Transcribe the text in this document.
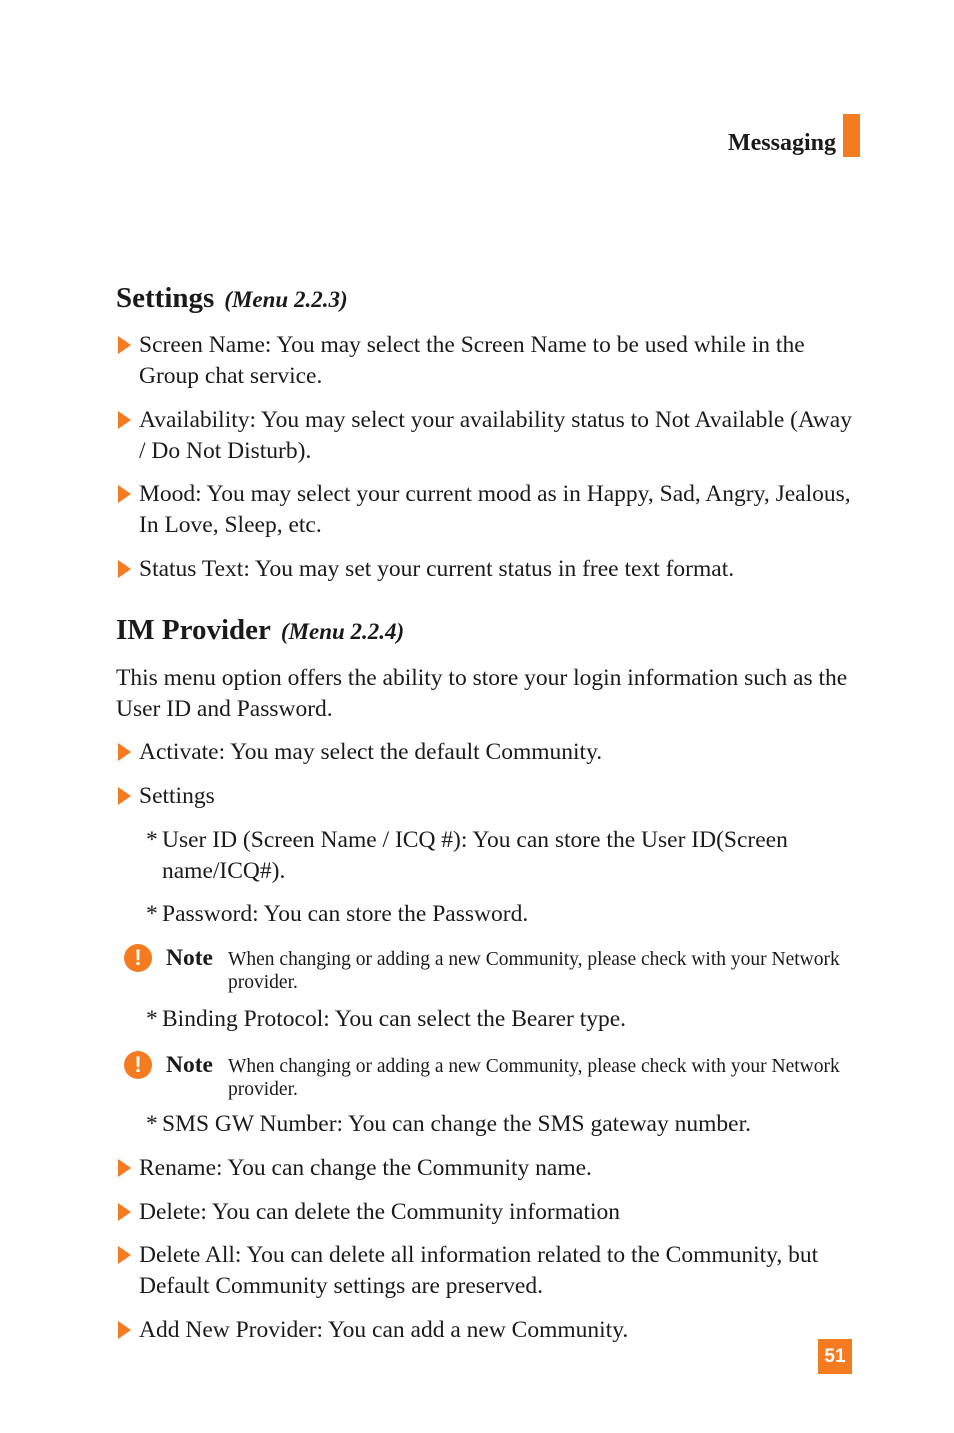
Messaging
Settings (Menu 2.2.3)
Screen Name: You may select the Screen Name to be used while in the Group chat service.
Availability: You may select your availability status to Not Available (Away / Do Not Disturb).
Mood: You may select your current mood as in Happy, Sad, Angry, Jealous, In Love, Sleep, etc.
Status Text: You may set your current status in free text format.
IM Provider (Menu 2.2.4)

This menu option offers the ability to store your login information such as the User ID and Password.

Activate: You may select the default Community.
Settings
* User ID (Screen Name / ICQ #): You can store the User ID(Screen name/ICQ#).
* Password: You can store the Password.
!	Note When changing or adding a new Community, please check with your Network provider.
* Binding Protocol: You can select the Bearer type.
!	Note When changing or adding a new Community, please check with your Network provider.
* SMS GW Number: You can change the SMS gateway number.
Rename: You can change the Community name.
Delete: You can delete the Community information
Delete All: You can delete all information related to the Community, but Default Community settings are preserved.
Add New Provider: You can add a new Community.
51
